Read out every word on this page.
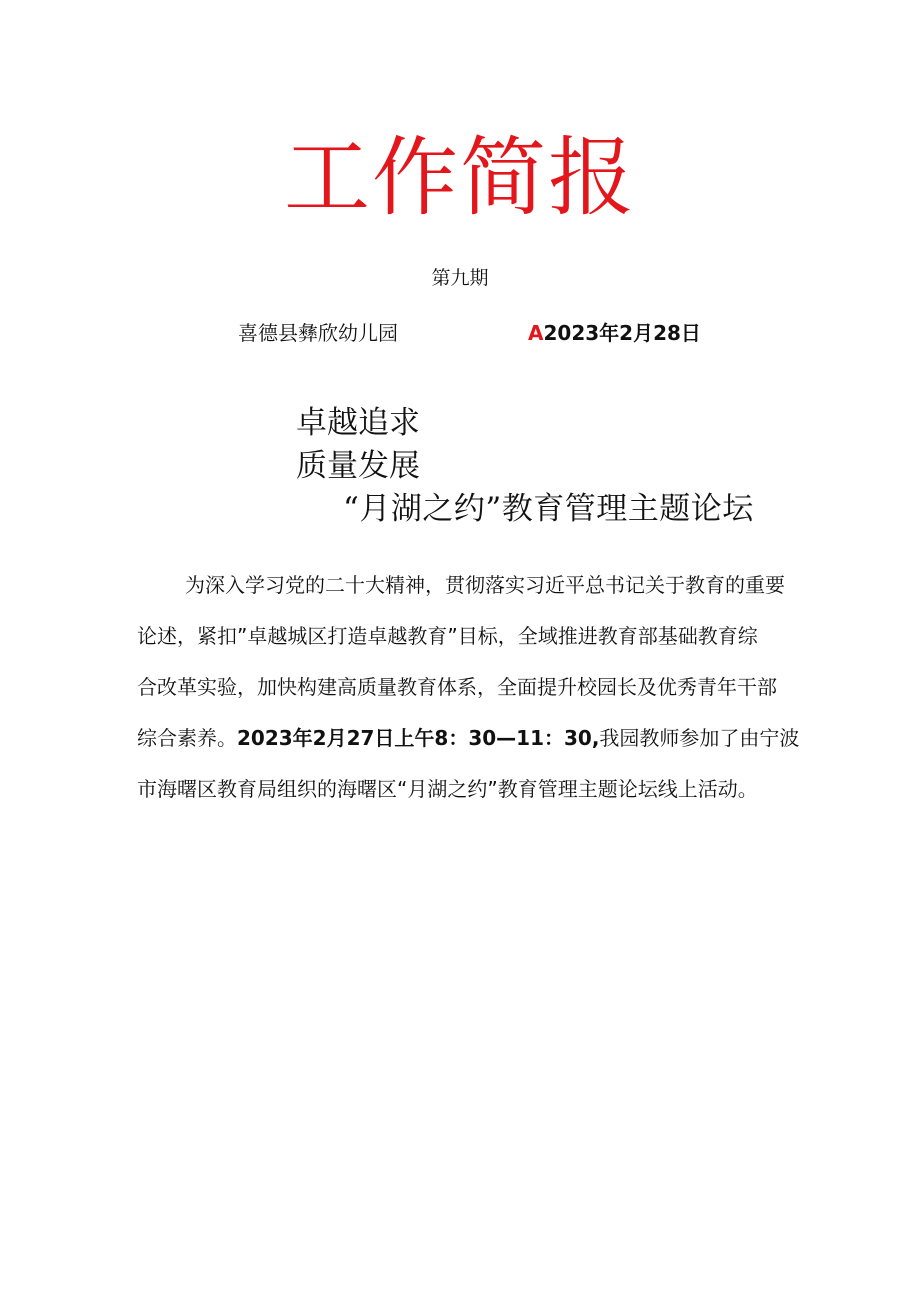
工作简报
第九期
喜德县彝欣幼儿园	A2023年2月28日
卓越追求
质量发展
“月湖之约”教育管理主题论坛
为深入学习党的二十大精神，贯彻落实习近平总书记关于教育的重要
论述，紧扣”卓越城区打造卓越教育”目标，全域推进教育部基础教育综
合改革实验，加快构建高质量教育体系，全面提升校园长及优秀青年干部
综合素养。2023年2月27日上午8：30—11：30,我园教师参加了由宁波
市海曙区教育局组织的海曙区“月湖之约”教育管理主题论坛线上活动。
